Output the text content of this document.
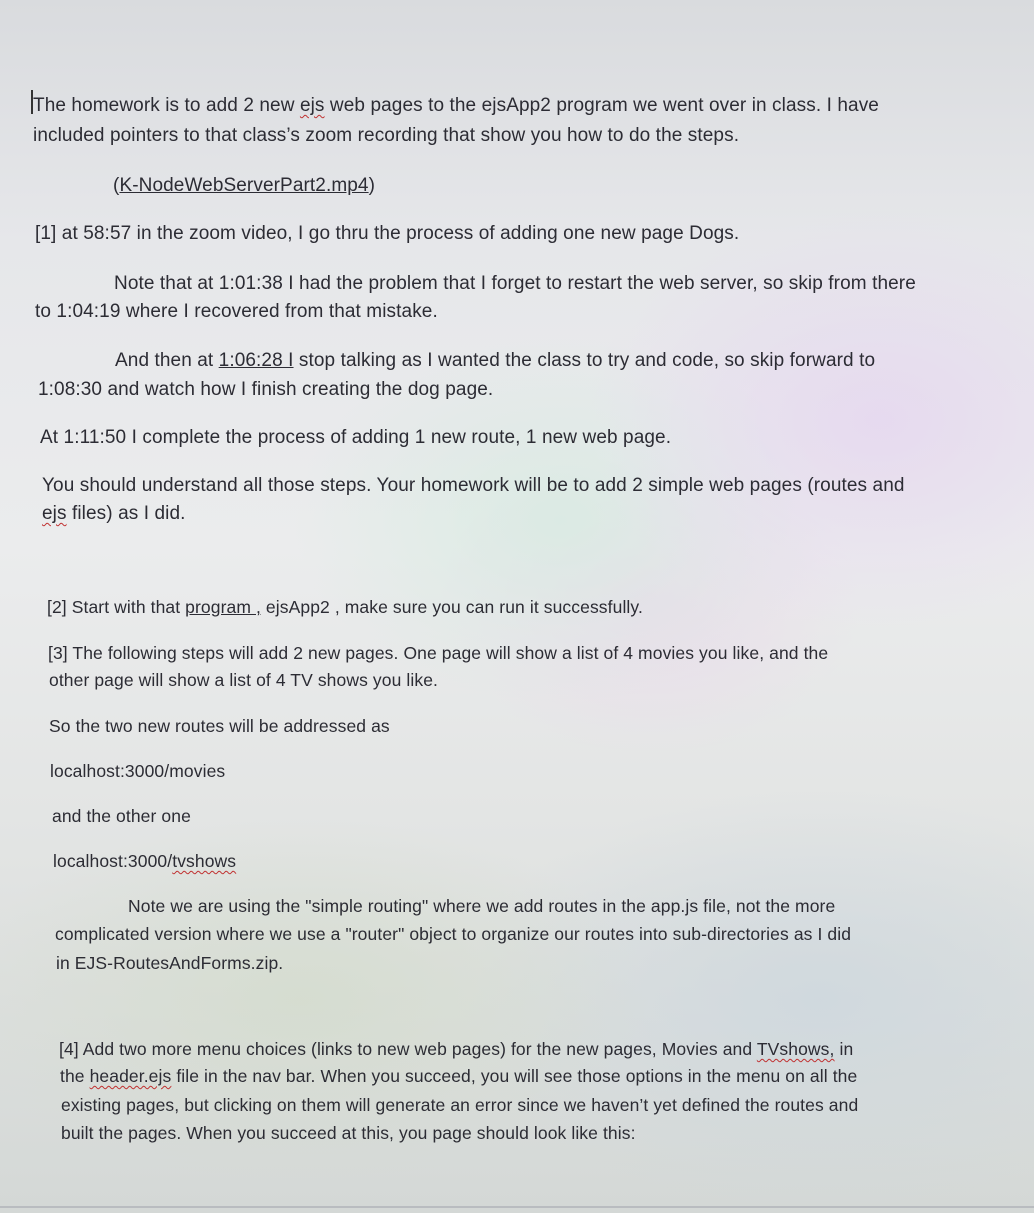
The homework is to add 2 new ejs web pages to the ejsApp2 program we went over in class. I have
included pointers to that class’s zoom recording that show you how to do the steps.
(K-NodeWebServerPart2.mp4)
[1] at 58:57 in the zoom video, I go thru the process of adding one new page Dogs.
Note that at 1:01:38 I had the problem that I forget to restart the web server, so skip from there
to 1:04:19 where I recovered from that mistake.
And then at 1:06:28 I stop talking as I wanted the class to try and code, so skip forward to
1:08:30 and watch how I finish creating the dog page.
At 1:11:50 I complete the process of adding 1 new route, 1 new web page.
You should understand all those steps. Your homework will be to add 2 simple web pages (routes and
ejs files) as I did.
[2] Start with that program , ejsApp2 , make sure you can run it successfully.
[3] The following steps will add 2 new pages. One page will show a list of 4 movies you like, and the
other page will show a list of 4 TV shows you like.
So the two new routes will be addressed as
localhost:3000/movies
and the other one
localhost:3000/tvshows
Note we are using the "simple routing" where we add routes in the app.js file, not the more
complicated version where we use a "router" object to organize our routes into sub-directories as I did
in EJS-RoutesAndForms.zip.
[4] Add two more menu choices (links to new web pages) for the new pages, Movies and TVshows, in
the header.ejs file in the nav bar. When you succeed, you will see those options in the menu on all the
existing pages, but clicking on them will generate an error since we haven’t yet defined the routes and
built the pages. When you succeed at this, you page should look like this:
